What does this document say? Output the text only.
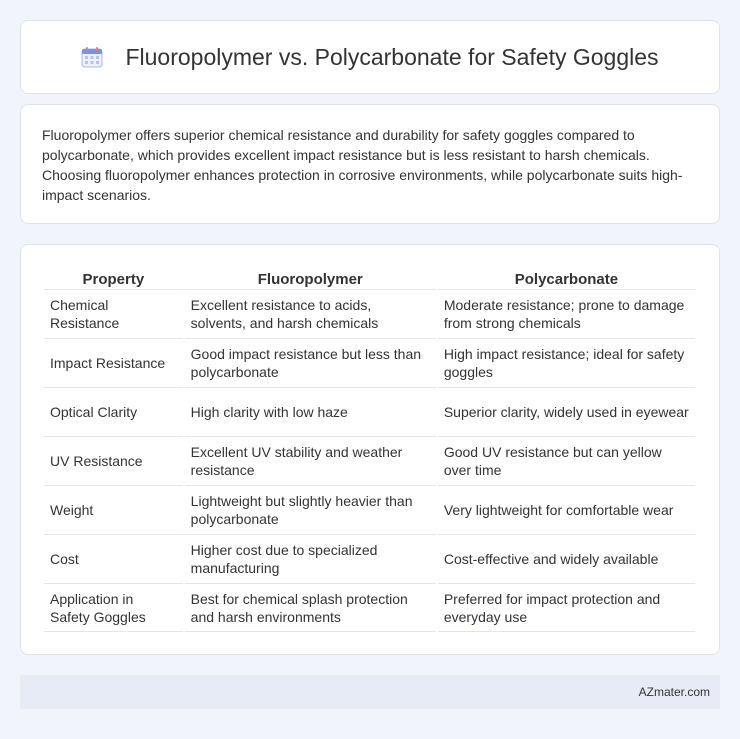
Fluoropolymer vs. Polycarbonate for Safety Goggles

Fluoropolymer offers superior chemical resistance and durability for safety goggles compared to polycarbonate, which provides excellent impact resistance but is less resistant to harsh chemicals. Choosing fluoropolymer enhances protection in corrosive environments, while polycarbonate suits high-impact scenarios.

Property	Fluoropolymer	Polycarbonate
Chemical Resistance	Excellent resistance to acids, solvents, and harsh chemicals	Moderate resistance; prone to damage from strong chemicals
Impact Resistance	Good impact resistance but less than polycarbonate	High impact resistance; ideal for safety goggles
Optical Clarity	High clarity with low haze	Superior clarity, widely used in eyewear
UV Resistance	Excellent UV stability and weather resistance	Good UV resistance but can yellow over time
Weight	Lightweight but slightly heavier than polycarbonate	Very lightweight for comfortable wear
Cost	Higher cost due to specialized manufacturing	Cost-effective and widely available
Application in Safety Goggles	Best for chemical splash protection and harsh environments	Preferred for impact protection and everyday use
AZmater.com
